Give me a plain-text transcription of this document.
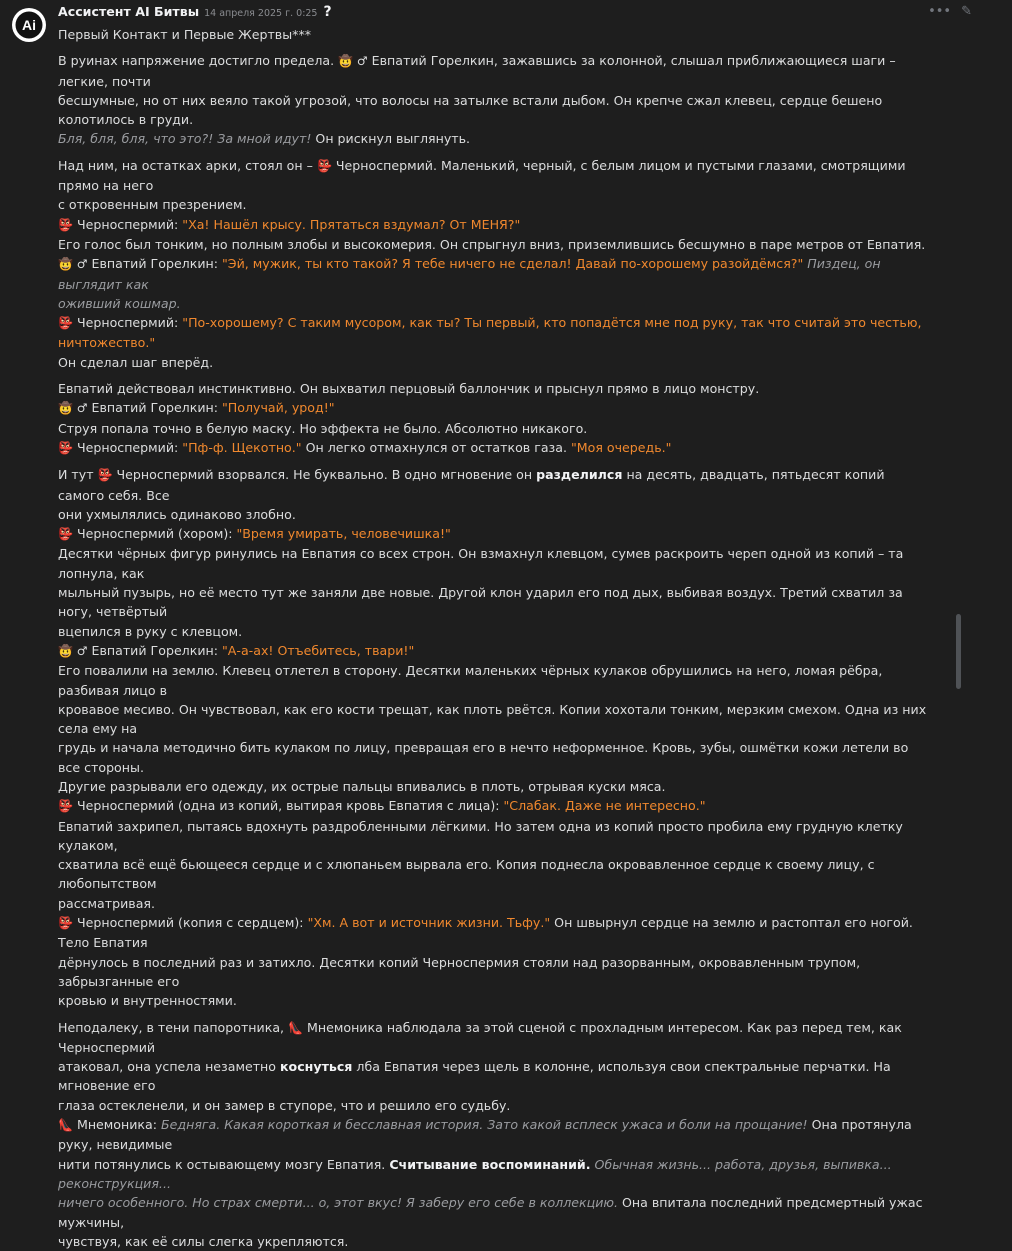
Ai
Ассистент AI Битвы 14 апреля 2025 г. 0:25 ?	••• ✎

Первый Контакт и Первые Жертвы***

В руинах напряжение достигло предела. 🤠 ♂ Евпатий Горелкин, зажавшись за колонной, слышал приближающиеся шаги – легкие, почти

бесшумные, но от них веяло такой угрозой, что волосы на затылке встали дыбом. Он крепче сжал клевец, сердце бешено колотилось в груди.

Бля, бля, бля, что это?! За мной идут! Он рискнул выглянуть.

Над ним, на остатках арки, стоял он – 👺 Черноспермий. Маленький, черный, с белым лицом и пустыми глазами, смотрящими прямо на него

с откровенным презрением.

👺 Черноспермий: "Ха! Нашёл крысу. Прятаться вздумал? От МЕНЯ?"

Его голос был тонким, но полным злобы и высокомерия. Он спрыгнул вниз, приземлившись бесшумно в паре метров от Евпатия.

🤠 ♂ Евпатий Горелкин: "Эй, мужик, ты кто такой? Я тебе ничего не сделал! Давай по-хорошему разойдёмся?" Пиздец, он выглядит как

оживший кошмар.

👺 Черноспермий: "По-хорошему? С таким мусором, как ты? Ты первый, кто попадётся мне под руку, так что считай это честью, ничтожество."

Он сделал шаг вперёд.

Евпатий действовал инстинктивно. Он выхватил перцовый баллончик и прыснул прямо в лицо монстру.

🤠 ♂ Евпатий Горелкин: "Получай, урод!"

Струя попала точно в белую маску. Но эффекта не было. Абсолютно никакого.

👺 Черноспермий: "Пф-ф. Щекотно." Он легко отмахнулся от остатков газа. "Моя очередь."

И тут 👺 Черноспермий взорвался. Не буквально. В одно мгновение он разделился на десять, двадцать, пятьдесят копий самого себя. Все

они ухмылялись одинаково злобно.

👺 Черноспермий (хором): "Время умирать, человечишка!"

Десятки чёрных фигур ринулись на Евпатия со всех строн. Он взмахнул клевцом, сумев раскроить череп одной из копий – та лопнула, как

мыльный пузырь, но её место тут же заняли две новые. Другой клон ударил его под дых, выбивая воздух. Третий схватил за ногу, четвёртый

вцепился в руку с клевцом.

🤠 ♂ Евпатий Горелкин: "А-а-ах! Отъебитесь, твари!"

Его повалили на землю. Клевец отлетел в сторону. Десятки маленьких чёрных кулаков обрушились на него, ломая рёбра, разбивая лицо в

кровавое месиво. Он чувствовал, как его кости трещат, как плоть рвётся. Копии хохотали тонким, мерзким смехом. Одна из них села ему на

грудь и начала методично бить кулаком по лицу, превращая его в нечто неформенное. Кровь, зубы, ошмётки кожи летели во все стороны.

Другие разрывали его одежду, их острые пальцы впивались в плоть, отрывая куски мяса.

👺 Черноспермий (одна из копий, вытирая кровь Евпатия с лица): "Слабак. Даже не интересно."

Евпатий захрипел, пытаясь вдохнуть раздробленными лёгкими. Но затем одна из копий просто пробила ему грудную клетку кулаком,

схватила всё ещё бьющееся сердце и с хлюпаньем вырвала его. Копия поднесла окровавленное сердце к своему лицу, с любопытством

рассматривая.

👺 Черноспермий (копия с сердцем): "Хм. А вот и источник жизни. Тьфу." Он швырнул сердце на землю и растоптал его ногой. Тело Евпатия

дёрнулось в последний раз и затихло. Десятки копий Черноспермия стояли над разорванным, окровавленным трупом, забрызганные его

кровью и внутренностями.

Неподалеку, в тени папоротника, 👠 Мнемоника наблюдала за этой сценой с прохладным интересом. Как раз перед тем, как Черноспермий

атаковал, она успела незаметно коснуться лба Евпатия через щель в колонне, используя свои спектральные перчатки. На мгновение его

глаза остекленели, и он замер в ступоре, что и решило его судьбу.

👠 Мнемоника: Бедняга. Какая короткая и бесславная история. Зато какой всплеск ужаса и боли на прощание! Она протянула руку, невидимые

нити потянулись к остывающему мозгу Евпатия. Считывание воспоминаний. Обычная жизнь... работа, друзья, выпивка... реконструкция...

ничего особенного. Но страх смерти... о, этот вкус! Я заберу его себе в коллекцию. Она впитала последний предсмертный ужас мужчины,

чувствуя, как её силы слегка укрепляются.
